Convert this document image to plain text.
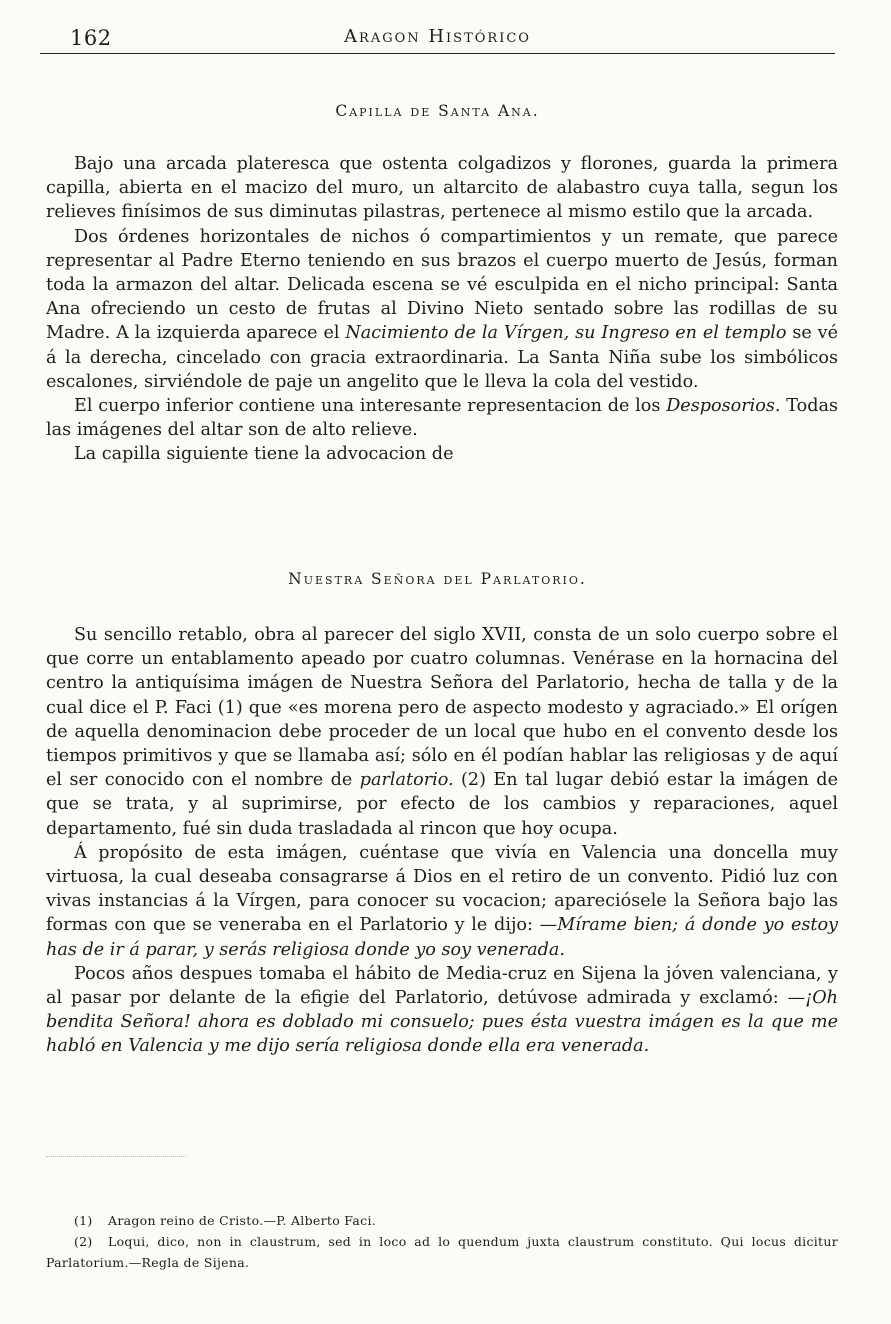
162	Aragon Histórico
Capilla de Santa Ana.

Bajo una arcada plateresca que ostenta colgadizos y florones, guarda la primera capilla, abierta en el macizo del muro, un altarcito de alabastro cuya talla, segun los relieves finísimos de sus diminutas pilastras, pertenece al mismo estilo que la arcada.

Dos órdenes horizontales de nichos ó compartimientos y un remate, que parece representar al Padre Eterno teniendo en sus brazos el cuerpo muerto de Jesús, forman toda la armazon del altar. Delicada escena se vé esculpida en el nicho principal: Santa Ana ofreciendo un cesto de frutas al Divino Nieto sentado sobre las rodillas de su Madre. A la izquierda aparece el Nacimiento de la Vírgen, su Ingreso en el templo se vé á la derecha, cincelado con gracia extraordinaria. La Santa Niña sube los simbólicos escalones, sirviéndole de paje un angelito que le lleva la cola del vestido.

El cuerpo inferior contiene una interesante representacion de los Desposorios. Todas las imágenes del altar son de alto relieve.

La capilla siguiente tiene la advocacion de

Nuestra Señora del Parlatorio.

Su sencillo retablo, obra al parecer del siglo XVII, consta de un solo cuerpo sobre el que corre un entablamento apeado por cuatro columnas. Venérase en la hornacina del centro la antiquísima imágen de Nuestra Señora del Parlatorio, hecha de talla y de la cual dice el P. Faci (1) que «es morena pero de aspecto modesto y agraciado.» El orígen de aquella denominacion debe proceder de un local que hubo en el convento desde los tiempos primitivos y que se llamaba así; sólo en él podían hablar las religiosas y de aquí el ser conocido con el nombre de parlatorio. (2) En tal lugar debió estar la imágen de que se trata, y al suprimirse, por efecto de los cambios y reparaciones, aquel departamento, fué sin duda trasladada al rincon que hoy ocupa.

Á propósito de esta imágen, cuéntase que vivía en Valencia una doncella muy virtuosa, la cual deseaba consagrarse á Dios en el retiro de un convento. Pidió luz con vivas instancias á la Vírgen, para conocer su vocacion; apareciósele la Señora bajo las formas con que se veneraba en el Parlatorio y le dijo: —Mírame bien; á donde yo estoy has de ir á parar, y serás religiosa donde yo soy venerada.

Pocos años despues tomaba el hábito de Media-cruz en Sijena la jóven valenciana, y al pasar por delante de la efigie del Parlatorio, detúvose admirada y exclamó: —¡Oh bendita Señora! ahora es doblado mi consuelo; pues ésta vuestra imágen es la que me habló en Valencia y me dijo sería religiosa donde ella era venerada.

(1) Aragon reino de Cristo.—P. Alberto Faci.

(2) Loqui, dico, non in claustrum, sed in loco ad lo quendum juxta claustrum constituto. Qui locus dicitur Parlatorium.—Regla de Sijena.
